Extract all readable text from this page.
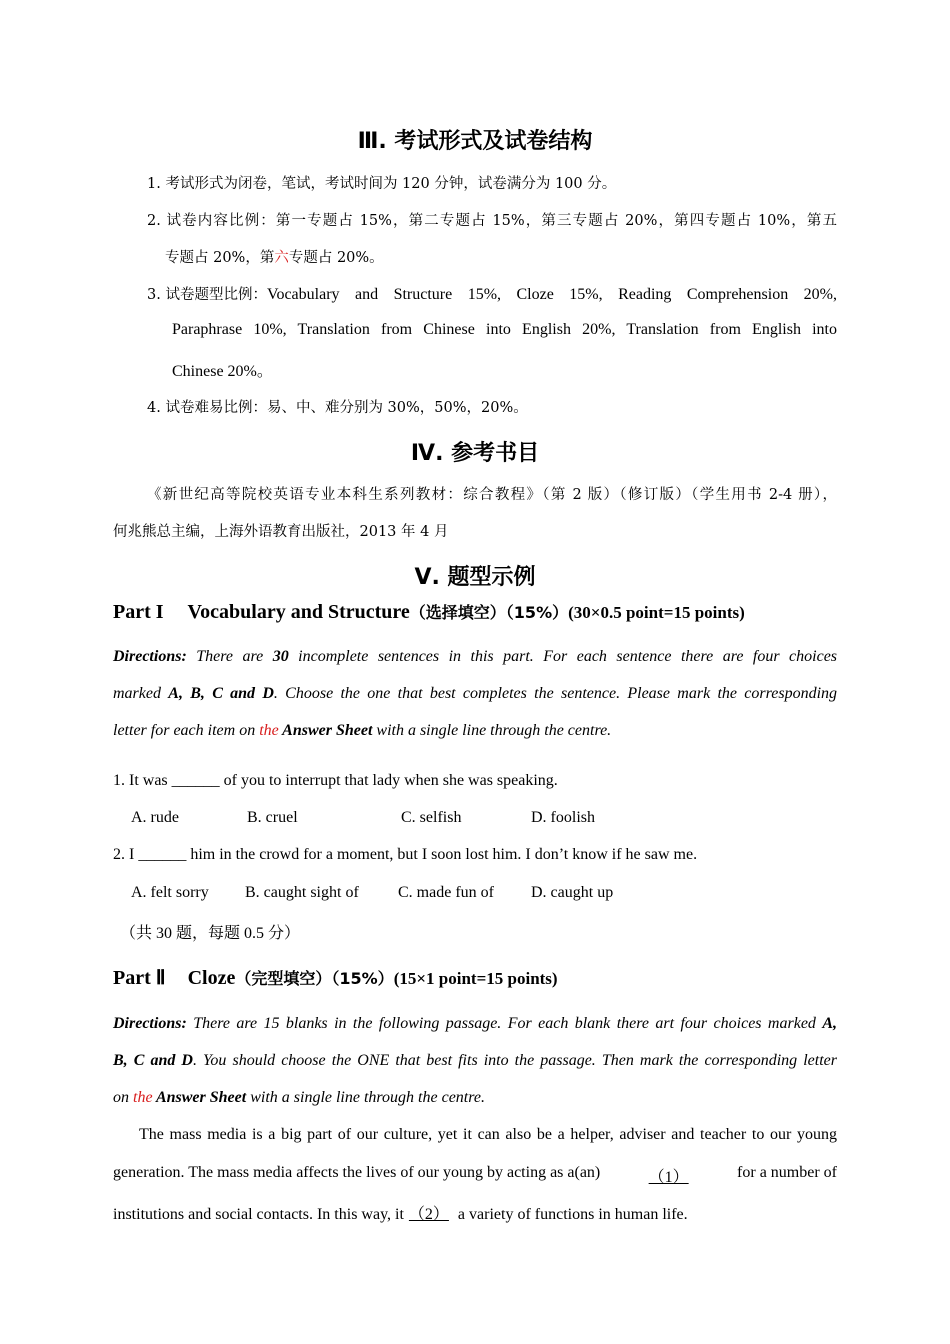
Ⅲ. 考试形式及试卷结构
1. 考试形式为闭卷，笔试，考试时间为 120 分钟，试卷满分为 100 分。
2. 试卷内容比例：第一专题占 15%，第二专题占 15%，第三专题占 20%，第四专题占 10%，第五
专题占 20%，第六专题占 20%。
3. 试卷题型比例： Vocabulary and Structure 15%, Cloze 15%, Reading Comprehension 20%,
Paraphrase 10%, Translation from Chinese into English 20%, Translation from English into
Chinese 20%。
4. 试卷难易比例：易、中、难分别为 30%，50%，20%。
Ⅳ. 参考书目
《新世纪高等院校英语专业本科生系列教材：综合教程》（第 2 版）（修订版）（学生用书 2-4 册），
何兆熊总主编，上海外语教育出版社，2013 年 4 月
Ⅴ. 题型示例
Part I Vocabulary and Structure（选择填空）（15%）(30×0.5 point=15 points)
Directions: There are 30 incomplete sentences in this part. For each sentence there are four choices
marked A, B, C and D. Choose the one that best completes the sentence. Please mark the corresponding
letter for each item on the Answer Sheet with a single line through the centre.
1. It was ______ of you to interrupt that lady when she was speaking.
A. rude	B. cruel	C. selfish	D. foolish
2. I ______ him in the crowd for a moment, but I soon lost him. I don’t know if he saw me.
A. felt sorry B. caught sight of C. made fun of D. caught up
（共 30 题，每题 0.5 分）
Part Ⅱ Cloze（完型填空）（15%）(15×1 point=15 points)
Directions: There are 15 blanks in the following passage. For each blank there art four choices marked A,
B, C and D. You should choose the ONE that best fits into the passage. Then mark the corresponding letter
on the Answer Sheet with a single line through the centre.
The mass media is a big part of our culture, yet it can also be a helper, adviser and teacher to our young
generation. The mass media affects the lives of our young by acting as a(an)	（1）	for a number of
institutions and social contacts. In this way, it （2） a variety of functions in human life.
